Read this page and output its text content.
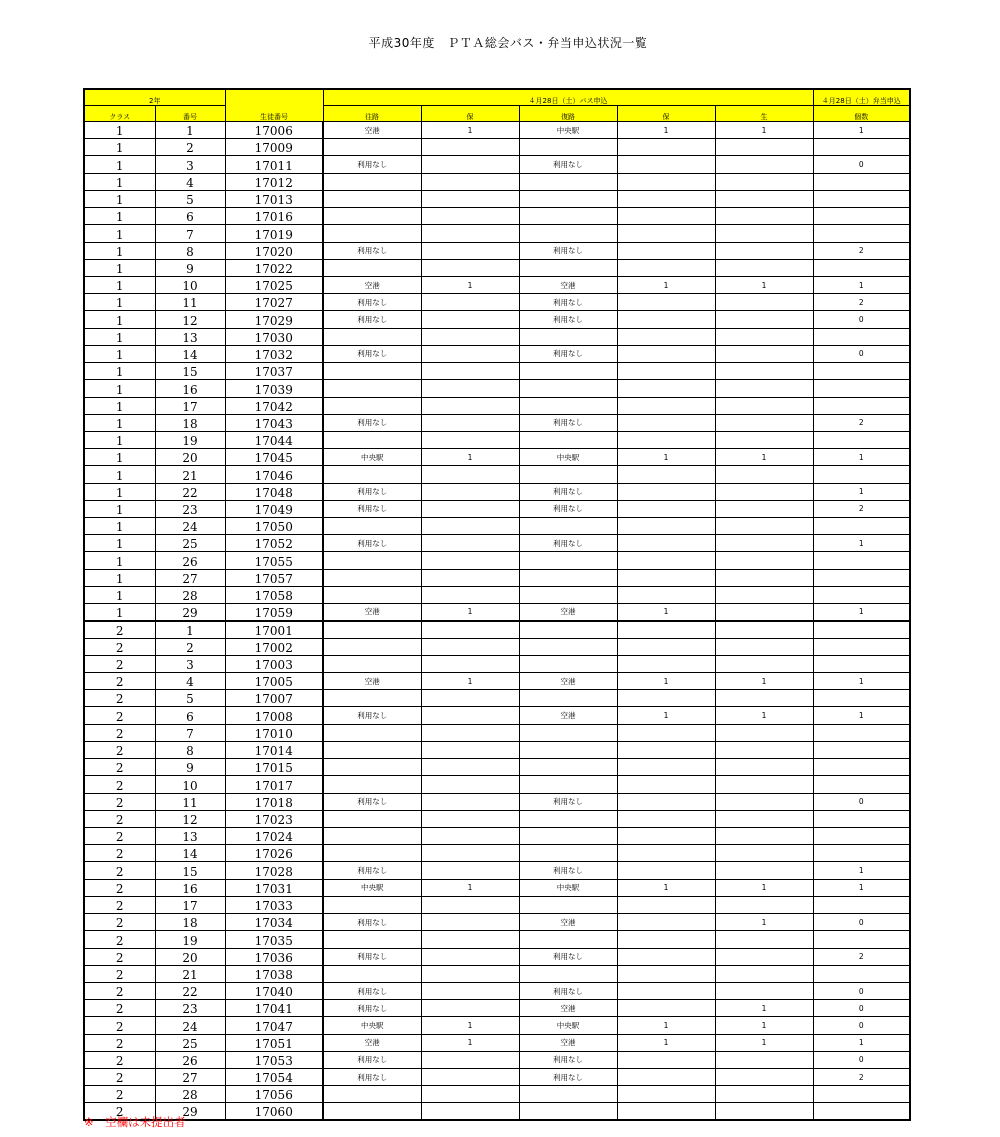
平成30年度　ＰＴＡ総会バス・弁当申込状況一覧
2年		生徒番号	４月28日（土）バス申込					４月28日（土）弁当申込
クラス	番号		往路	保	復路	保	生	個数
1	1	17006	空港	1	中央駅	1	1	1
1	2	17009						
1	3	17011	利用なし		利用なし			0
1	4	17012						
1	5	17013						
1	6	17016						
1	7	17019						
1	8	17020	利用なし		利用なし			2
1	9	17022						
1	10	17025	空港	1	空港	1	1	1
1	11	17027	利用なし		利用なし			2
1	12	17029	利用なし		利用なし			0
1	13	17030						
1	14	17032	利用なし		利用なし			0
1	15	17037						
1	16	17039						
1	17	17042						
1	18	17043	利用なし		利用なし			2
1	19	17044						
1	20	17045	中央駅	1	中央駅	1	1	1
1	21	17046						
1	22	17048	利用なし		利用なし			1
1	23	17049	利用なし		利用なし			2
1	24	17050						
1	25	17052	利用なし		利用なし			1
1	26	17055						
1	27	17057						
1	28	17058						
1	29	17059	空港	1	空港	1		1
2	1	17001						
2	2	17002						
2	3	17003						
2	4	17005	空港	1	空港	1	1	1
2	5	17007						
2	6	17008	利用なし		空港	1	1	1
2	7	17010						
2	8	17014						
2	9	17015						
2	10	17017						
2	11	17018	利用なし		利用なし			0
2	12	17023						
2	13	17024						
2	14	17026						
2	15	17028	利用なし		利用なし			1
2	16	17031	中央駅	1	中央駅	1	1	1
2	17	17033						
2	18	17034	利用なし		空港		1	0
2	19	17035						
2	20	17036	利用なし		利用なし			2
2	21	17038						
2	22	17040	利用なし		利用なし			0
2	23	17041	利用なし		空港		1	0
2	24	17047	中央駅	1	中央駅	1	1	0
2	25	17051	空港	1	空港	1	1	1
2	26	17053	利用なし		利用なし			0
2	27	17054	利用なし		利用なし			2
2	28	17056						
2	29	17060						
※　空欄は未提出者
